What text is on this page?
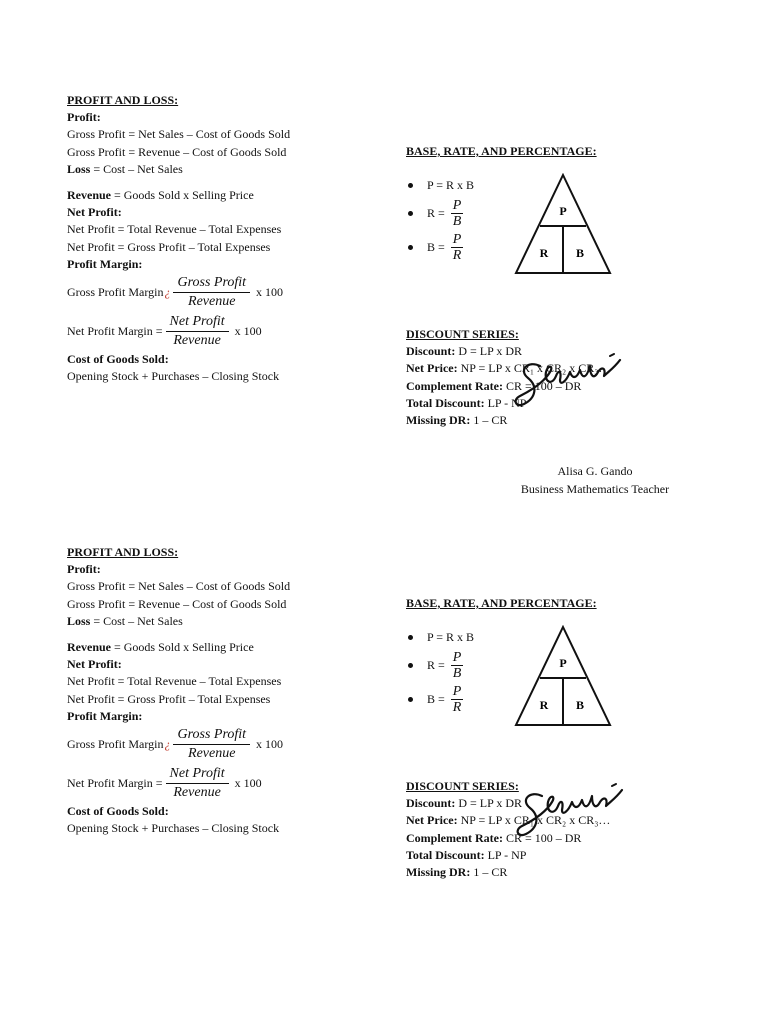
PROFIT AND LOSS:
Profit:
Gross Profit = Net Sales – Cost of Goods Sold
Gross Profit = Revenue – Cost of Goods Sold
Loss = Cost – Net Sales
Revenue = Goods Sold x Selling Price
Net Profit:
Net Profit = Total Revenue – Total Expenses
Net Profit = Gross Profit – Total Expenses
Profit Margin:
Gross Profit Margin ¿ $\frac{\text{Gross Profit}}{\text{Revenue}}$ x 100
Net Profit Margin = $\frac{\text{Net Profit}}{\text{Revenue}}$ x 100
Cost of Goods Sold:
Opening Stock + Purchases – Closing Stock
BASE, RATE, AND PERCENTAGE:
P = R x B
$R = \frac{P}{B}$
$B = \frac{P}{R}$
P
R B
DISCOUNT SERIES:
Discount: D = LP x DR
Net Price: NP = LP x CR₁ x CR₂ x CR₃…
Complement Rate: CR = 100 – DR
Total Discount: LP - NP
Missing DR: 1 – CR
Alisa G. Gando
Business Mathematics Teacher
PROFIT AND LOSS:
Profit:
Gross Profit = Net Sales – Cost of Goods Sold
Gross Profit = Revenue – Cost of Goods Sold
Loss = Cost – Net Sales
Revenue = Goods Sold x Selling Price
Net Profit:
Net Profit = Total Revenue – Total Expenses
Net Profit = Gross Profit – Total Expenses
Profit Margin:
Gross Profit Margin ¿ $\frac{\text{Gross Profit}}{\text{Revenue}}$ x 100
Net Profit Margin = $\frac{\text{Net Profit}}{\text{Revenue}}$ x 100
Cost of Goods Sold:
Opening Stock + Purchases – Closing Stock
BASE, RATE, AND PERCENTAGE:
P = R x B
$R = \frac{P}{B}$
$B = \frac{P}{R}$
P
R B
DISCOUNT SERIES:
Discount: D = LP x DR
Net Price: NP = LP x CR₁ x CR₂ x CR₃…
Complement Rate: CR = 100 – DR
Total Discount: LP - NP
Missing DR: 1 – CR
